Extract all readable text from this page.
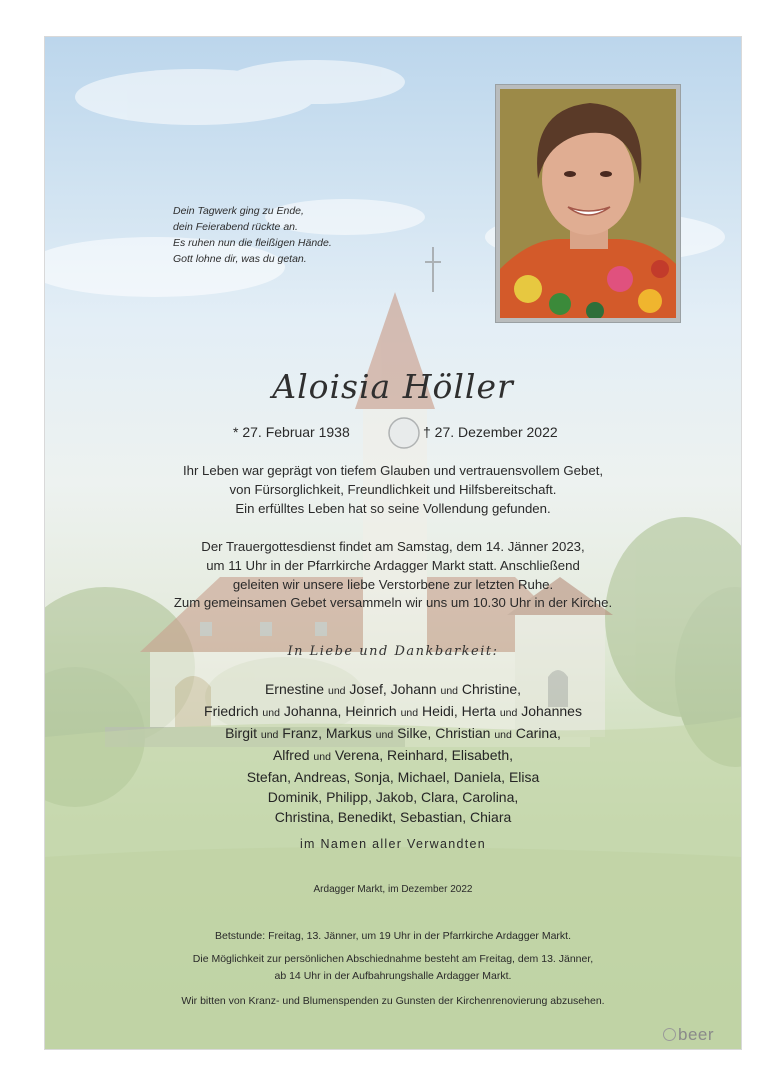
Dein Tagwerk ging zu Ende,
dein Feierabend rückte an.
Es ruhen nun die fleißigen Hände.
Gott lohne dir, was du getan.
Aloisia Höller
* 27. Februar 1938	† 27. Dezember 2022
Ihr Leben war geprägt von tiefem Glauben und vertrauensvollem Gebet,
von Fürsorglichkeit, Freundlichkeit und Hilfsbereitschaft.
Ein erfülltes Leben hat so seine Vollendung gefunden.
Der Trauergottesdienst findet am Samstag, dem 14. Jänner 2023,
um 11 Uhr in der Pfarrkirche Ardagger Markt statt. Anschließend
geleiten wir unsere liebe Verstorbene zur letzten Ruhe.
Zum gemeinsamen Gebet versammeln wir uns um 10.30 Uhr in der Kirche.
In Liebe und Dankbarkeit:
Ernestine und Josef, Johann und Christine,
Friedrich und Johanna, Heinrich und Heidi, Herta und Johannes
Birgit und Franz, Markus und Silke, Christian und Carina,
Alfred und Verena, Reinhard, Elisabeth,
Stefan, Andreas, Sonja, Michael, Daniela, Elisa
Dominik, Philipp, Jakob, Clara, Carolina,
Christina, Benedikt, Sebastian, Chiara
im Namen aller Verwandten
Ardagger Markt, im Dezember 2022
Betstunde: Freitag, 13. Jänner, um 19 Uhr in der Pfarrkirche Ardagger Markt.
Die Möglichkeit zur persönlichen Abschiednahme besteht am Freitag, dem 13. Jänner,
ab 14 Uhr in der Aufbahrungshalle Ardagger Markt.
Wir bitten von Kranz- und Blumenspenden zu Gunsten der Kirchenrenovierung abzusehen.
beer
